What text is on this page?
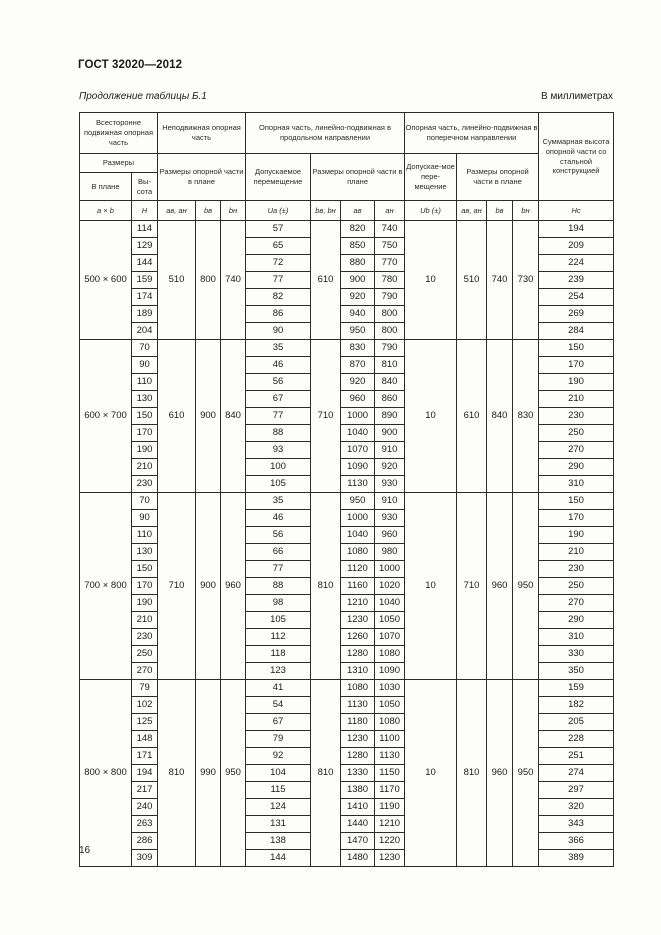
ГОСТ 32020—2012
Продолжение таблицы Б.1	В миллиметрах
Всесторонне подвижная опорная часть		Неподвижная опорная часть			Опорная часть, линейно-подвижная в продольном направлении				Опорная часть, линейно-подвижная в поперечном направлении				Суммарная высота опорной части со стальной конструкцией
Размеры		Размеры опорной части в плане			Допускаемое перемещение	Размеры опорной части в плане			Допускае-мое пере-мещение	Размеры опорной части в плане			
В плане	Вы-сота												
a × b	H	aв, aн	bв	bн	Ua (±)	bв, bн	aв	aн	Ub (±)	aв, aн	bв	bн	Hc
500 × 600	114	510	800	740	57	610	820	740	10	510	740	730	194
	129				65		850	750					209
	144				72		880	770					224
	159				77		900	780					239
	174				82		920	790					254
	189				86		940	800					269
	204				90		950	800					284
600 × 700	70	610	900	840	35	710	830	790	10	610	840	830	150
	90				46		870	810					170
	110				56		920	840					190
	130				67		960	860					210
	150				77		1000	890					230
	170				88		1040	900					250
	190				93		1070	910					270
	210				100		1090	920					290
	230				105		1130	930					310
700 × 800	70	710	900	960	35	810	950	910	10	710	960	950	150
	90				46		1000	930					170
	110				56		1040	960					190
	130				66		1080	980					210
	150				77		1120	1000					230
	170				88		1160	1020					250
	190				98		1210	1040					270
	210				105		1230	1050					290
	230				112		1260	1070					310
	250				118		1280	1080					330
	270				123		1310	1090					350
800 × 800	79	810	990	950	41	810	1080	1030	10	810	960	950	159
	102				54		1130	1050					182
	125				67		1180	1080					205
	148				79		1230	1100					228
	171				92		1280	1130					251
	194				104		1330	1150					274
	217				115		1380	1170					297
	240				124		1410	1190					320
	263				131		1440	1210					343
	286				138		1470	1220					366
	309				144		1480	1230					389
16
